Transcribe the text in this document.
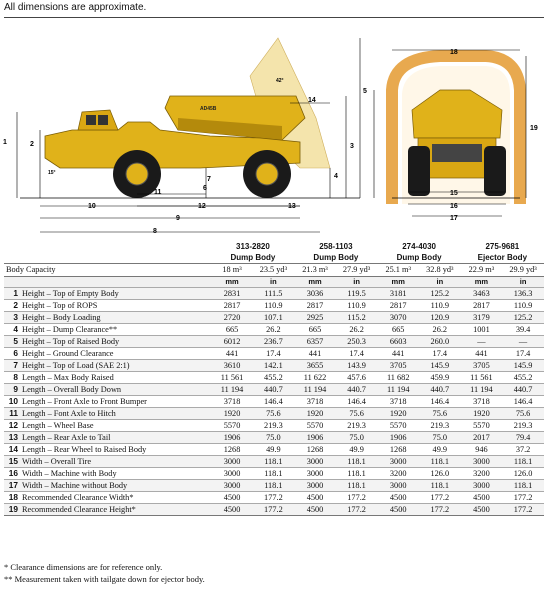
All dimensions are approximate.
AD45B
1	2	3
4
5
6
7
8
9
10
11
12	13
14
42°
15°
15
16
17
18
19
	313-2820		258-1103		274-4030		275-9681	
	Dump Body		Dump Body		Dump Body		Ejector Body	
Body Capacity	18 m³	23.5 yd³	21.3 m³	27.9 yd³	25.1 m³	32.8 yd³	22.9 m³	29.9 yd³
	mm	in	mm	in	mm	in	mm	in
1 Height – Top of Empty Body	2831	111.5	3036	119.5	3181	125.2	3463	136.3
2 Height – Top of ROPS	2817	110.9	2817	110.9	2817	110.9	2817	110.9
3 Height – Body Loading	2720	107.1	2925	115.2	3070	120.9	3179	125.2
4 Height – Dump Clearance**	665	26.2	665	26.2	665	26.2	1001	39.4
5 Height – Top of Raised Body	6012	236.7	6357	250.3	6603	260.0	—	—
6 Height – Ground Clearance	441	17.4	441	17.4	441	17.4	441	17.4
7 Height – Top of Load (SAE 2:1)	3610	142.1	3655	143.9	3705	145.9	3705	145.9
8 Length – Max Body Raised	11 561	455.2	11 622	457.6	11 682	459.9	11 561	455.2
9 Length – Overall Body Down	11 194	440.7	11 194	440.7	11 194	440.7	11 194	440.7
10 Length – Front Axle to Front Bumper	3718	146.4	3718	146.4	3718	146.4	3718	146.4
11 Length – Font Axle to Hitch	1920	75.6	1920	75.6	1920	75.6	1920	75.6
12 Length – Wheel Base	5570	219.3	5570	219.3	5570	219.3	5570	219.3
13 Length – Rear Axle to Tail	1906	75.0	1906	75.0	1906	75.0	2017	79.4
14 Length – Rear Wheel to Raised Body	1268	49.9	1268	49.9	1268	49.9	946	37.2
15 Width – Overall Tire	3000	118.1	3000	118.1	3000	118.1	3000	118.1
16 Width – Machine with Body	3000	118.1	3000	118.1	3200	126.0	3200	126.0
17 Width – Machine without Body	3000	118.1	3000	118.1	3000	118.1	3000	118.1
18 Recommended Clearance Width*	4500	177.2	4500	177.2	4500	177.2	4500	177.2
19 Recommended Clearance Height*	4500	177.2	4500	177.2	4500	177.2	4500	177.2
* Clearance dimensions are for reference only.
** Measurement taken with tailgate down for ejector body.
